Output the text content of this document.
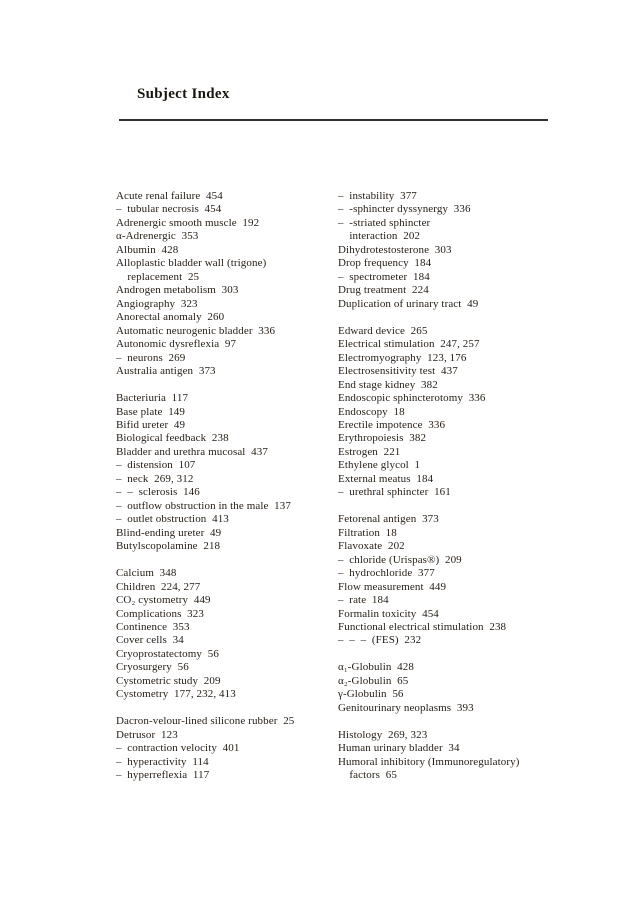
Subject Index
Acute renal failure  454
–  tubular necrosis  454
Adrenergic smooth muscle  192
α-Adrenergic  353
Albumin  428
Alloplastic bladder wall (trigone)
replacement  25
Androgen metabolism  303
Angiography  323
Anorectal anomaly  260
Automatic neurogenic bladder  336
Autonomic dysreflexia  97
–  neurons  269
Australia antigen  373
Bacteriuria  117
Base plate  149
Bifid ureter  49
Biological feedback  238
Bladder and urethra mucosal  437
–  distension  107
–  neck  269, 312
–  –  sclerosis  146
–  outflow obstruction in the male  137
–  outlet obstruction  413
Blind-ending ureter  49
Butylscopolamine  218
Calcium  348
Children  224, 277
CO₂ cystometry  449
Complications  323
Continence  353
Cover cells  34
Cryoprostatectomy  56
Cryosurgery  56
Cystometric study  209
Cystometry  177, 232, 413
Dacron-velour-lined silicone rubber  25
Detrusor  123
–  contraction velocity  401
–  hyperactivity  114
–  hyperreflexia  117
–  instability  377
–  -sphincter dyssynergy  336
–  -striated sphincter
interaction  202
Dihydrotestosterone  303
Drop frequency  184
–  spectrometer  184
Drug treatment  224
Duplication of urinary tract  49
Edward device  265
Electrical stimulation  247, 257
Electromyography  123, 176
Electrosensitivity test  437
End stage kidney  382
Endoscopic sphincterotomy  336
Endoscopy  18
Erectile impotence  336
Erythropoiesis  382
Estrogen  221
Ethylene glycol  1
External meatus  184
–  urethral sphincter  161
Fetorenal antigen  373
Filtration  18
Flavoxate  202
–  chloride (Urispas®)  209
–  hydrochloride  377
Flow measurement  449
–  rate  184
Formalin toxicity  454
Functional electrical stimulation  238
–  –  –  (FES)  232
α₁-Globulin  428
α₂-Globulin  65
γ-Globulin  56
Genitourinary neoplasms  393
Histology  269, 323
Human urinary bladder  34
Humoral inhibitory (Immunoregulatory)
factors  65
